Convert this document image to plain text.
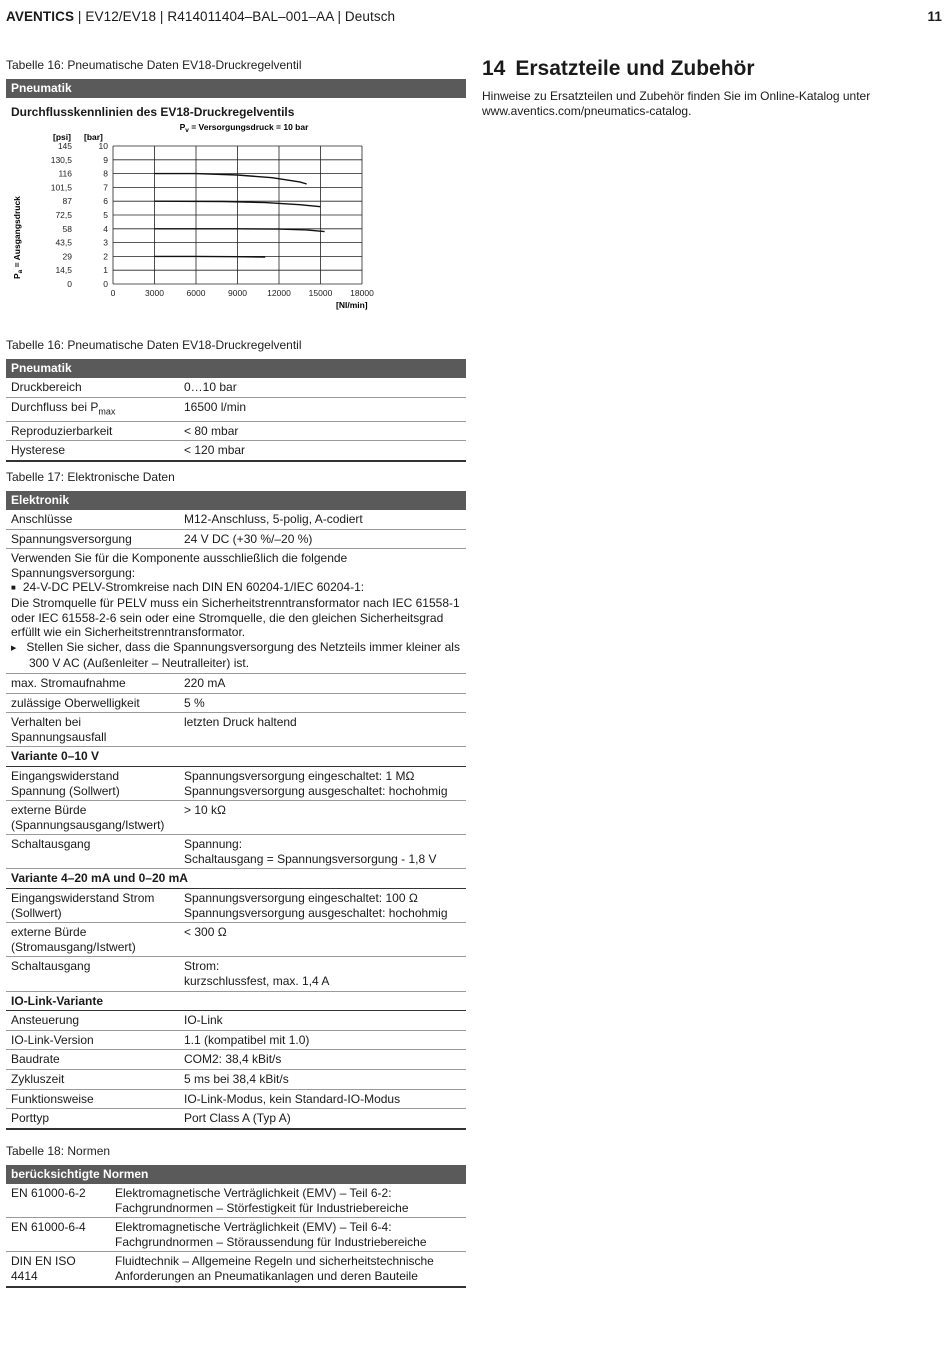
AVENTICS | EV12/EV18 | R414011404–BAL–001–AA | Deutsch	11
Tabelle 16: Pneumatische Daten EV18-Druckregelventil
Pneumatik
Durchflusskennlinien des EV18-Druckregelventils
0
1
2
3
4
5
6
7
8
9
10
0
14,5
29
43,5
58
72,5
87
101,5
116
130,5
145
0	3000	6000	9000 12000 15000 18000
$P_v$ = Versorgungsdruck = 10 bar
[psi] [bar]
[Nl/min]
$P_a$ = Ausgangsdruck
Tabelle 16: Pneumatische Daten EV18-Druckregelventil
Pneumatik
Druckbereich	0…10 bar
Durchfluss bei $P_{max}$	16500 l/min
Reproduzierbarkeit	< 80 mbar
Hysterese	< 120 mbar
Tabelle 17: Elektronische Daten
Elektronik
Anschlüsse	M12-Anschluss, 5-polig, A-codiert
Spannungsversorgung	24 V DC (+30 %/–20 %)

Verwenden Sie für die Komponente ausschließlich die folgende Spannungsversorgung:
■ 24-V-DC PELV-Stromkreise nach DIN EN 60204-1/IEC 60204-1:
Die Stromquelle für PELV muss ein Sicherheitstrenntransformator nach IEC 61558-1 oder IEC 61558-2-6 sein oder eine Stromquelle, die den gleichen Sicherheitsgrad erfüllt wie ein Sicherheitstrenntransformator.
▶ Stellen Sie sicher, dass die Spannungsversorgung des Netzteils immer kleiner als 300 V AC (Außenleiter – Neutralleiter) ist.

max. Stromaufnahme	220 mA
zulässige Oberwelligkeit	5 %
Verhalten bei Spannungsausfall	letzten Druck haltend
Variante 0–10 V	
Eingangswiderstand Spannung (Sollwert)	Spannungsversorgung eingeschaltet: 1 MΩ
Spannungsversorgung ausgeschaltet: hochohmig

externe Bürde (Spannungsausgang/Istwert)	> 10 kΩ
Schaltausgang	Spannung:
Schaltausgang = Spannungsversorgung - 1,8 V

Variante 4–20 mA und 0–20 mA	
Eingangswiderstand Strom (Sollwert)	Spannungsversorgung eingeschaltet: 100 Ω
Spannungsversorgung ausgeschaltet: hochohmig

externe Bürde (Stromausgang/Istwert)	< 300 Ω
Schaltausgang	Strom:
kurzschlussfest, max. 1,4 A

IO-Link-Variante	
Ansteuerung	IO-Link
IO-Link-Version	1.1 (kompatibel mit 1.0)
Baudrate	COM2: 38,4 kBit/s
Zykluszeit	5 ms bei 38,4 kBit/s
Funktionsweise	IO-Link-Modus, kein Standard-IO-Modus
Porttyp	Port Class A (Typ A)
Tabelle 18: Normen
berücksichtigte Normen
EN 61000-6-2	Elektromagnetische Verträglichkeit (EMV) – Teil 6-2:
Fachgrundnormen – Störfestigkeit für Industriebereiche

EN 61000-6-4	Elektromagnetische Verträglichkeit (EMV) – Teil 6-4:
Fachgrundnormen – Störaussendung für Industriebereiche

DIN EN ISO 4414	Fluidtechnik – Allgemeine Regeln und sicherheitstechnische
Anforderungen an Pneumatikanlagen und deren Bauteile
14 Ersatzteile und Zubehör
Hinweise zu Ersatzteilen und Zubehör finden Sie im Online-Katalog unter www.aventics.com/pneumatics-catalog.
